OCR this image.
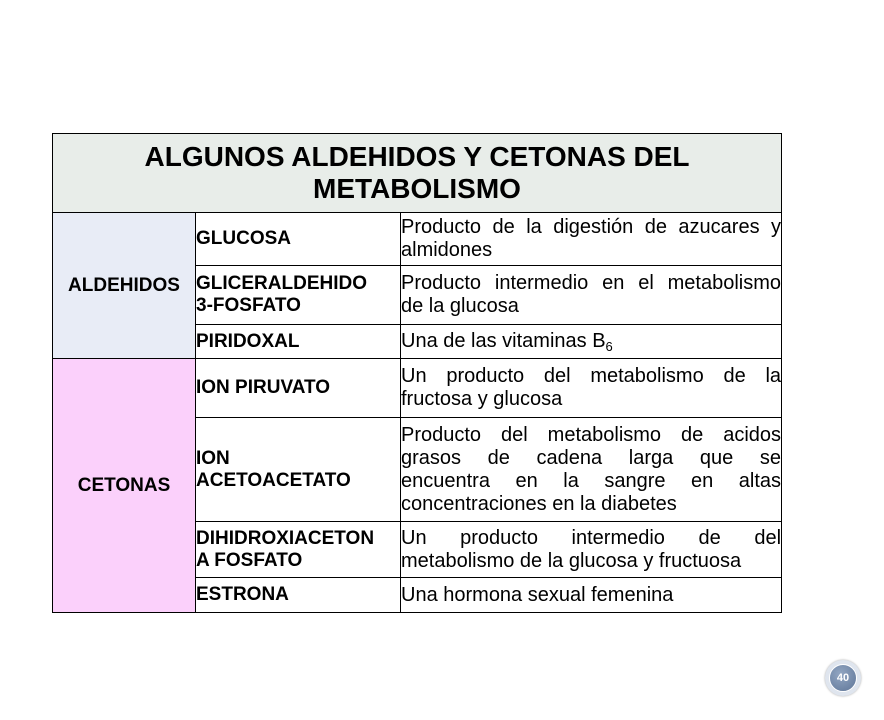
ALGUNOS ALDEHIDOS Y CETONAS DEL
METABOLISMO		

ALDEHIDOS	GLUCOSA	Producto de la digestión de azucares y
almidones

	GLICERALDEHIDO
3-FOSFATO	Producto intermedio en el metabolismo
de la glucosa

	PIRIDOXAL	Una de las vitaminas $B_6$

CETONAS	ION PIRUVATO	Un producto del metabolismo de la
fructosa y glucosa

	ION
ACETOACETATO	Producto del metabolismo de acidos
grasos de cadena larga que se
encuentra en la sangre en altas
concentraciones en la diabetes

	DIHIDROXIACETON
A FOSFATO	Un producto intermedio de del
metabolismo de la glucosa y fructuosa

	ESTRONA	Una hormona sexual femenina
40
